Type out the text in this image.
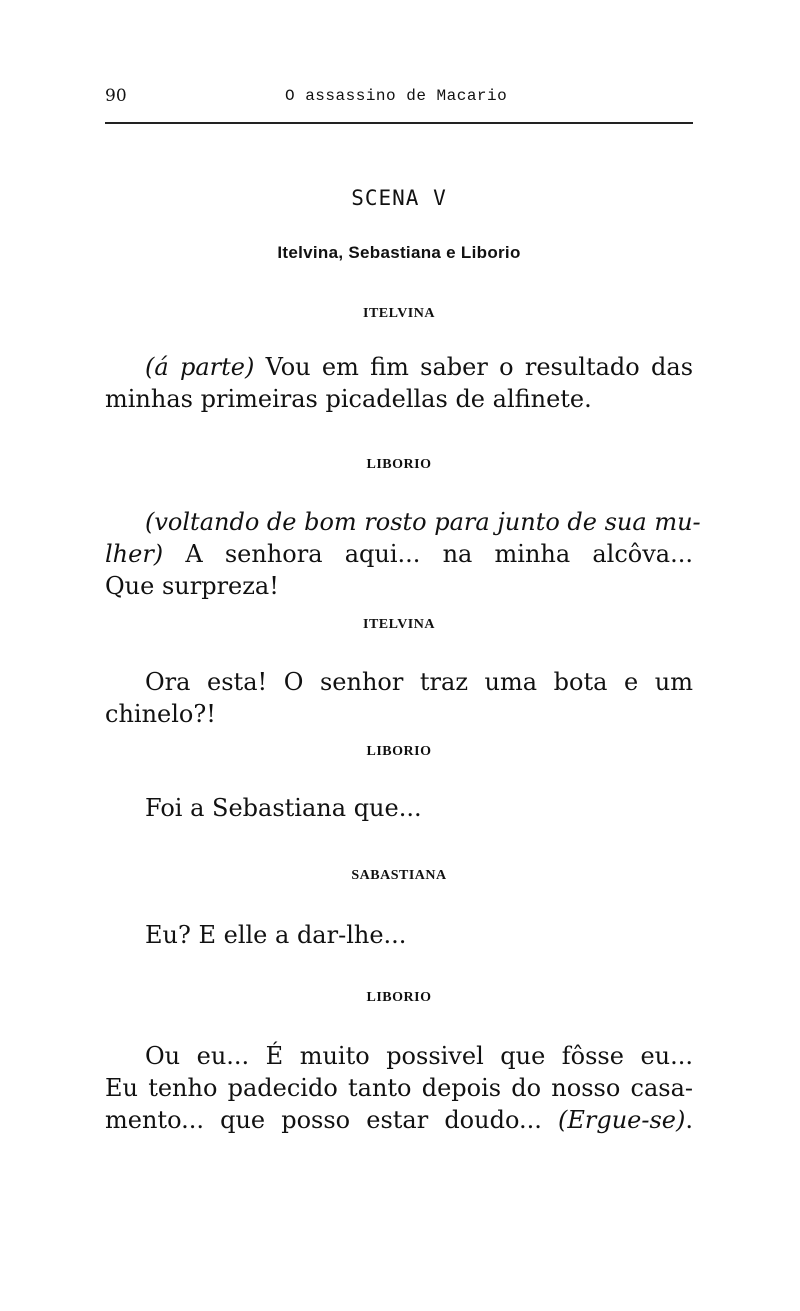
90	O assassino de Macario
SCENA V
Itelvina, Sebastiana e Liborio
ITELVINA
(á parte) Vou em fim saber o resultado das
minhas primeiras picadellas de alfinete.
LIBORIO
(voltando de bom rosto para junto de sua mu-
lher) A senhora aqui... na minha alcôva...
Que surpreza!
ITELVINA
Ora esta! O senhor traz uma bota e um
chinelo?!
LIBORIO
Foi a Sebastiana que...
SABASTIANA
Eu? E elle a dar-lhe...
LIBORIO
Ou eu... É muito possivel que fôsse eu...
Eu tenho padecido tanto depois do nosso casa-
mento... que posso estar doudo... (Ergue-se).
